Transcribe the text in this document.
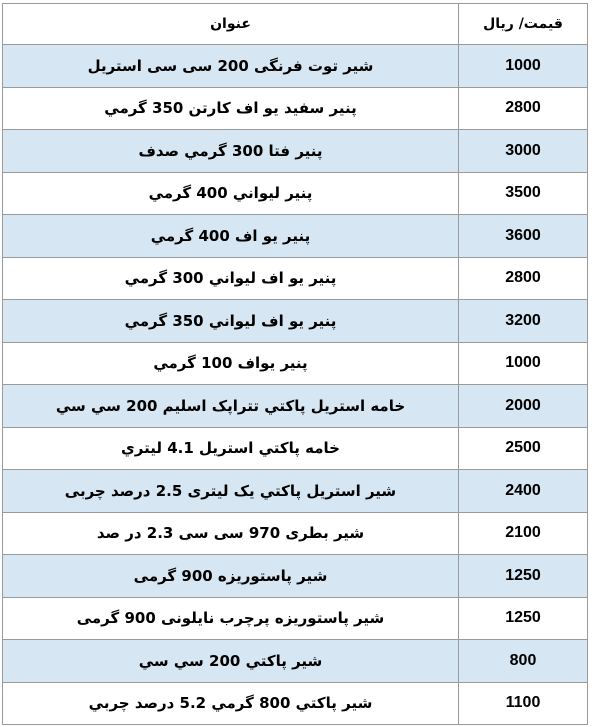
قیمت/ ریال	عنوان
1000	شیر توت فرنگی 200 سی سی استریل
2800	پنیر سفید یو اف کارتن 350 گرمي
3000	پنير فتا 300 گرمي صدف
3500	پنير ليواني 400 گرمي
3600	پنير يو اف 400 گرمي
2800	پنير يو اف ليواني 300 گرمي
3200	پنير يو اف ليواني 350 گرمي
1000	پنير يواف 100 گرمي
2000	خامه استريل پاكتي تتراپک اسليم 200 سي سي
2500	خامه پاكتي استريل 4.1 ليتري
2400	شير استريل پاكتي يک ليتری 2.5 درصد چربی
2100	شير بطری 970 سی سی 2.3 در صد
1250	شير پاستوريزه 900 گرمی
1250	شير پاستوريزه پرچرب نايلونی 900 گرمی
800	شير پاكتي 200 سي سي
1100	شير پاكتي 800 گرمي 5.2 درصد چربي
